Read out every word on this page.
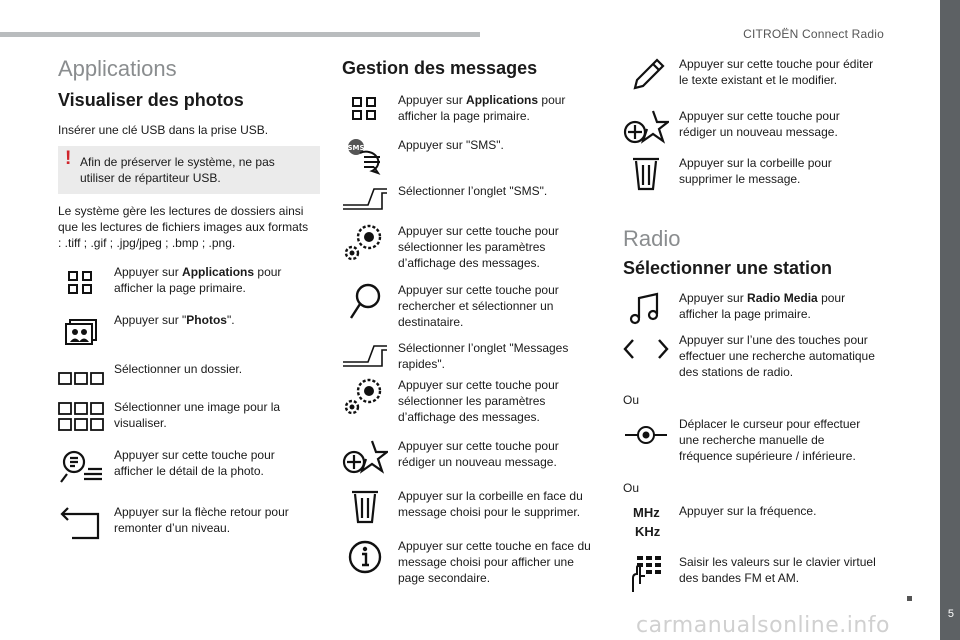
CITROËN Connect Radio
5
carmanualsonline.info
Applications
Visualiser des photos

Insérer une clé USB dans la prise USB.

! Afin de préserver le système, ne pas utiliser de répartiteur USB.

Le système gère les lectures de dossiers ainsi que les lectures de fichiers images aux formats : .tiff ; .gif ; .jpg/jpeg ; .bmp ; .png.

Appuyer sur Applications pour afficher la page primaire.
Appuyer sur "Photos".
Sélectionner un dossier.
Sélectionner une image pour la visualiser.
Appuyer sur cette touche pour afficher le détail de la photo.
Appuyer sur la flèche retour pour remonter d’un niveau.
Gestion des messages
Appuyer sur Applications pour afficher la page primaire.
SMS	Appuyer sur "SMS".
Sélectionner l’onglet "SMS".
Appuyer sur cette touche pour sélectionner les paramètres d’affichage des messages.
Appuyer sur cette touche pour rechercher et sélectionner un destinataire.
Sélectionner l’onglet "Messages rapides".
Appuyer sur cette touche pour sélectionner les paramètres d’affichage des messages.
Appuyer sur cette touche pour rédiger un nouveau message.
Appuyer sur la corbeille en face du message choisi pour le supprimer.
Appuyer sur cette touche en face du message choisi pour afficher une page secondaire.
Appuyer sur cette touche pour éditer le texte existant et le modifier.
Appuyer sur cette touche pour rédiger un nouveau message.
Appuyer sur la corbeille pour supprimer le message.
Radio
Sélectionner une station
Appuyer sur Radio Media pour afficher la page primaire.
Appuyer sur l’une des touches pour effectuer une recherche automatique des stations de radio.

Ou

Déplacer le curseur pour effectuer une recherche manuelle de fréquence supérieure / inférieure.

Ou

MHz
KHz
Appuyer sur la fréquence.
Saisir les valeurs sur le clavier virtuel des bandes FM et AM.
